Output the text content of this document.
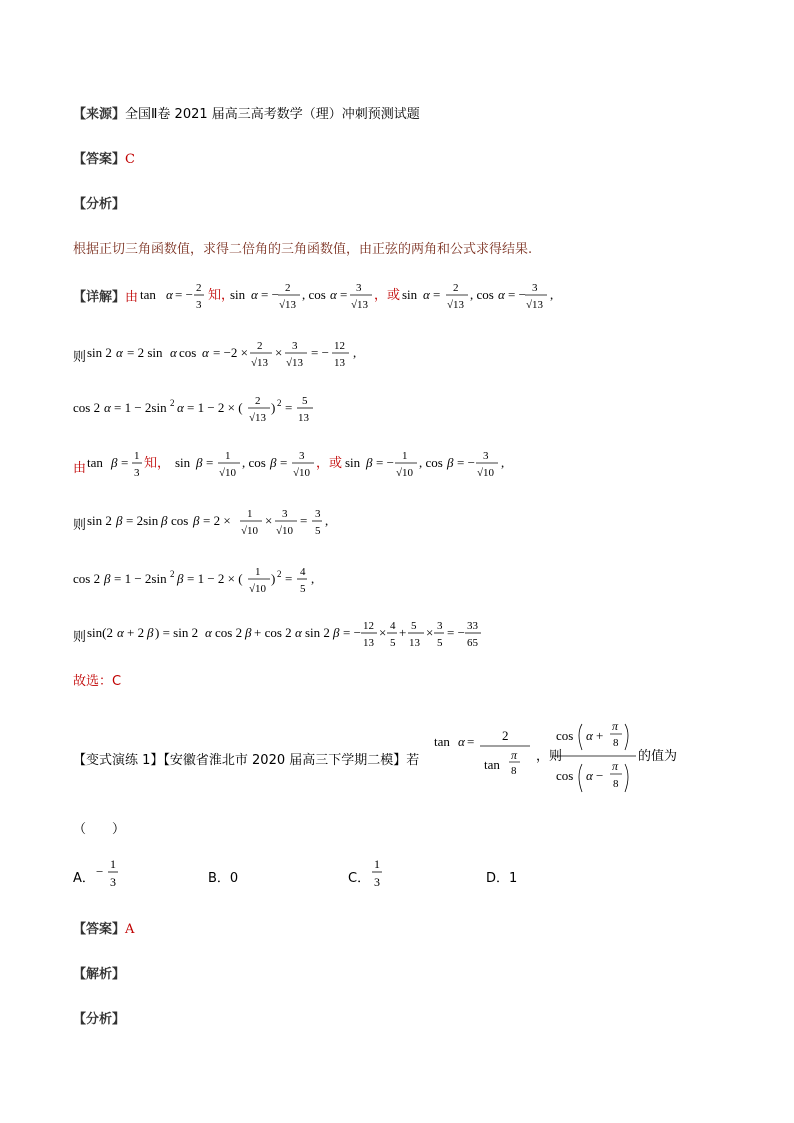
【来源】全国Ⅱ卷 2021 届高三高考数学（理）冲刺预测试题
【答案】C
【分析】
根据正切三角函数值，求得二倍角的三角函数值，由正弦的两角和公式求得结果.
【详解】由 tan α = − 2
3
知，
sin α = − 2
√13
, cos α = 3
√13
，或 sin α = 2
√13
, cos α = − 3
√13
,
则 sin 2 α = 2 sin α cos α = −2 × 2
√13
× 3
√13
= − 12
13
,
cos 2 α = 1 − 2sin 2 α = 1 − 2 × ( 2
√13
) 2 = 5
13
由 tan β = 1
3
知， sin β = 1
√10
, cos β = 3
√10
，或 sin β = − 1
√10
, cos β = − 3
√10
,
则 sin 2 β = 2sin β cos β = 2 × 1
√10
× 3
√10
= 3
5
,
cos 2 β = 1 − 2sin 2 β = 1 − 2 × ( 1
√10
) 2 = 4
5
,
则 sin(2 α + 2 β ) = sin 2 α cos 2 β + cos 2 α sin 2 β = − 12
13
× 4
5
+ 5
13
× 3
5
= − 33
65
故选：C
【变式演练 1】【安徽省淮北市 2020 届高三下学期二模】若
tan α = 2
tan
π
8
，则
cos α +
π
8
cos α −
π
8
的值为
（　　）
A． − 1
3	B．0	C．
1
3	D．1
【答案】A
【解析】
【分析】
